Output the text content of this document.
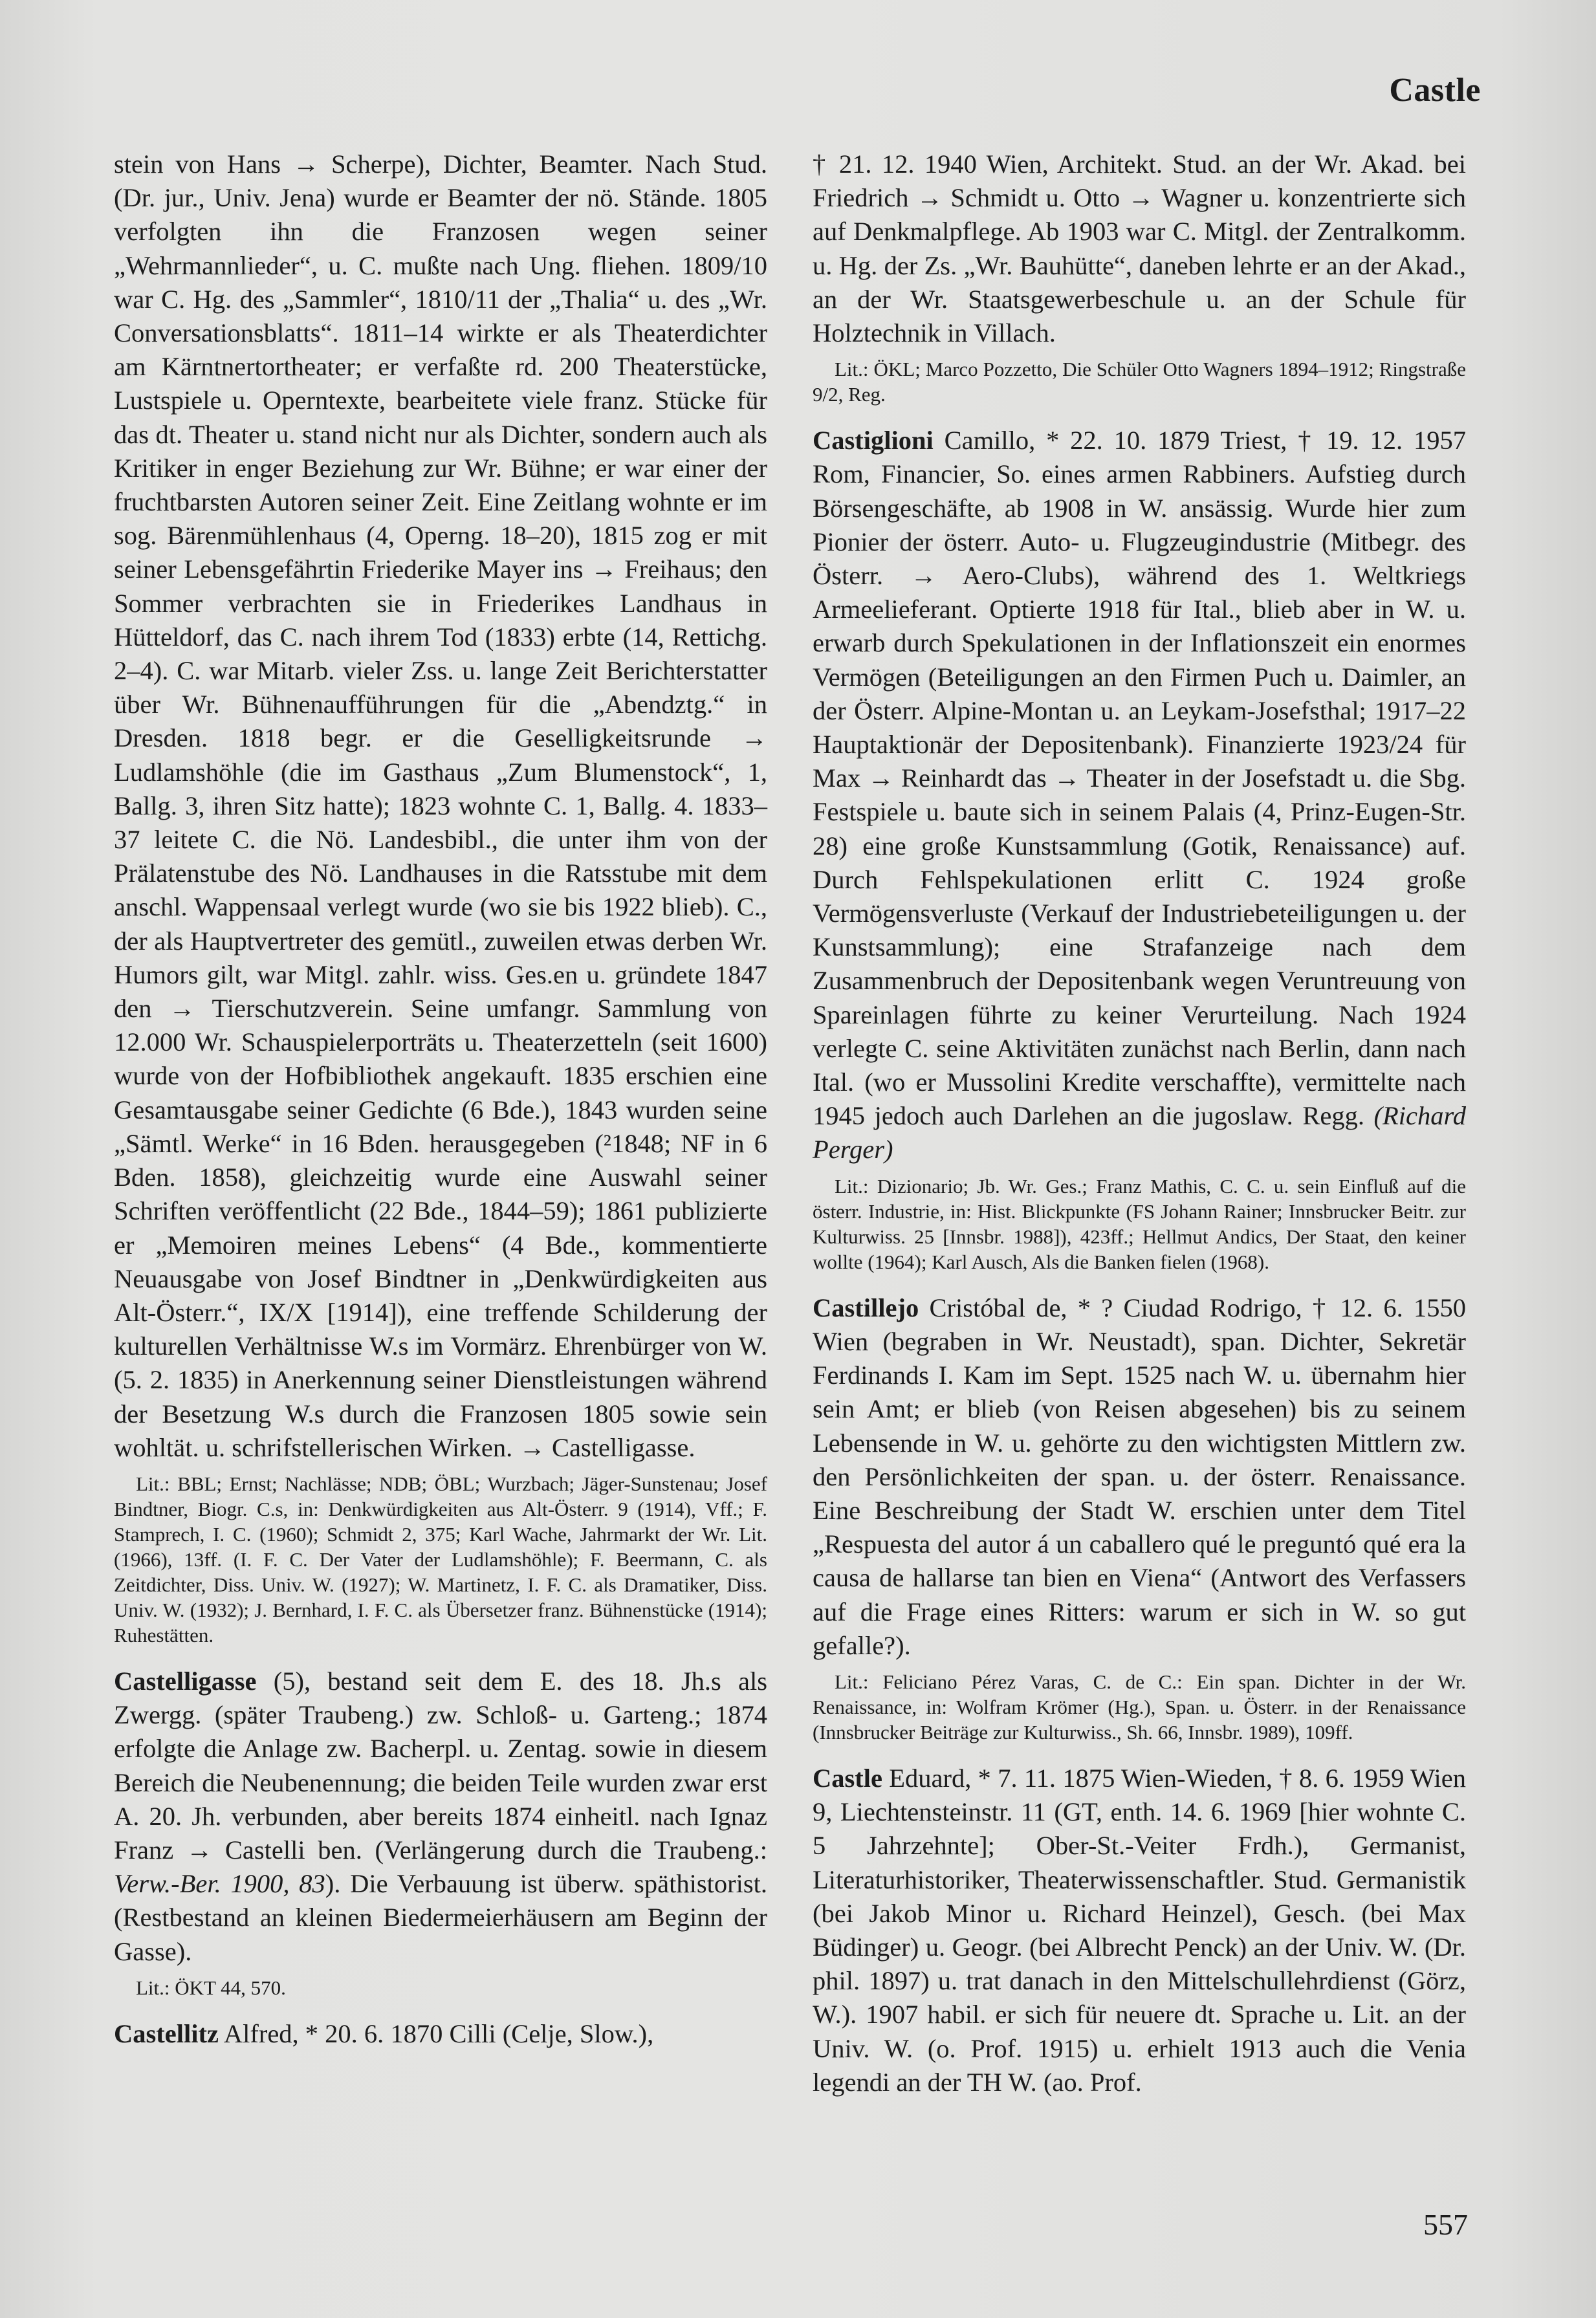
Castle

stein von Hans → Scherpe), Dichter, Beamter. Nach Stud. (Dr. jur., Univ. Jena) wurde er Beamter der nö. Stände. 1805 verfolgten ihn die Franzosen wegen seiner „Wehrmannlieder“, u. C. mußte nach Ung. fliehen. 1809/10 war C. Hg. des „Sammler“, 1810/11 der „Thalia“ u. des „Wr. Conversationsblatts“. 1811–14 wirkte er als Theaterdichter am Kärntnertortheater; er verfaßte rd. 200 Theaterstücke, Lustspiele u. Operntexte, bearbeitete viele franz. Stücke für das dt. Theater u. stand nicht nur als Dichter, sondern auch als Kritiker in enger Beziehung zur Wr. Bühne; er war einer der fruchtbarsten Autoren seiner Zeit. Eine Zeitlang wohnte er im sog. Bärenmühlenhaus (4, Operng. 18–20), 1815 zog er mit seiner Lebensgefährtin Friederike Mayer ins → Freihaus; den Sommer verbrachten sie in Friederikes Landhaus in Hütteldorf, das C. nach ihrem Tod (1833) erbte (14, Rettichg. 2–4). C. war Mitarb. vieler Zss. u. lange Zeit Berichterstatter über Wr. Bühnenaufführungen für die „Abendztg.“ in Dresden. 1818 begr. er die Geselligkeitsrunde → Ludlamshöhle (die im Gasthaus „Zum Blumenstock“, 1, Ballg. 3, ihren Sitz hatte); 1823 wohnte C. 1, Ballg. 4. 1833–37 leitete C. die Nö. Landesbibl., die unter ihm von der Prälatenstube des Nö. Landhauses in die Ratsstube mit dem anschl. Wappensaal verlegt wurde (wo sie bis 1922 blieb). C., der als Hauptvertreter des gemütl., zuweilen etwas derben Wr. Humors gilt, war Mitgl. zahlr. wiss. Ges.en u. gründete 1847 den → Tierschutzverein. Seine umfangr. Sammlung von 12.000 Wr. Schauspielerporträts u. Theaterzetteln (seit 1600) wurde von der Hofbibliothek angekauft. 1835 erschien eine Gesamtausgabe seiner Gedichte (6 Bde.), 1843 wurden seine „Sämtl. Werke“ in 16 Bden. herausgegeben (²1848; NF in 6 Bden. 1858), gleichzeitig wurde eine Auswahl seiner Schriften veröffentlicht (22 Bde., 1844–59); 1861 publizierte er „Memoiren meines Lebens“ (4 Bde., kommentierte Neuausgabe von Josef Bindtner in „Denkwürdigkeiten aus Alt-Österr.“, IX/X [1914]), eine treffende Schilderung der kulturellen Verhältnisse W.s im Vormärz. Ehrenbürger von W. (5. 2. 1835) in Anerkennung seiner Dienstleistungen während der Besetzung W.s durch die Franzosen 1805 sowie sein wohltät. u. schrifstellerischen Wirken. → Castelligasse.

Lit.: BBL; Ernst; Nachlässe; NDB; ÖBL; Wurzbach; Jäger-Sunstenau; Josef Bindtner, Biogr. C.s, in: Denkwürdigkeiten aus Alt-Österr. 9 (1914), Vff.; F. Stamprech, I. C. (1960); Schmidt 2, 375; Karl Wache, Jahrmarkt der Wr. Lit. (1966), 13ff. (I. F. C. Der Vater der Ludlamshöhle); F. Beermann, C. als Zeitdichter, Diss. Univ. W. (1927); W. Martinetz, I. F. C. als Dramatiker, Diss. Univ. W. (1932); J. Bernhard, I. F. C. als Übersetzer franz. Bühnenstücke (1914); Ruhestätten.

Castelligasse (5), bestand seit dem E. des 18. Jh.s als Zwergg. (später Traubeng.) zw. Schloß- u. Garteng.; 1874 erfolgte die Anlage zw. Bacherpl. u. Zentag. sowie in diesem Bereich die Neubenennung; die beiden Teile wurden zwar erst A. 20. Jh. verbunden, aber bereits 1874 einheitl. nach Ignaz Franz → Castelli ben. (Verlängerung durch die Traubeng.: Verw.-Ber. 1900, 83). Die Verbauung ist überw. späthistorist. (Restbestand an kleinen Biedermeierhäusern am Beginn der Gasse).

Lit.: ÖKT 44, 570.

Castellitz Alfred, * 20. 6. 1870 Cilli (Celje, Slow.),

† 21. 12. 1940 Wien, Architekt. Stud. an der Wr. Akad. bei Friedrich → Schmidt u. Otto → Wagner u. konzentrierte sich auf Denkmalpflege. Ab 1903 war C. Mitgl. der Zentralkomm. u. Hg. der Zs. „Wr. Bauhütte“, daneben lehrte er an der Akad., an der Wr. Staatsgewerbeschule u. an der Schule für Holztechnik in Villach.

Lit.: ÖKL; Marco Pozzetto, Die Schüler Otto Wagners 1894–1912; Ringstraße 9/2, Reg.

Castiglioni Camillo, * 22. 10. 1879 Triest, † 19. 12. 1957 Rom, Financier, So. eines armen Rabbiners. Aufstieg durch Börsengeschäfte, ab 1908 in W. ansässig. Wurde hier zum Pionier der österr. Auto- u. Flugzeugindustrie (Mitbegr. des Österr. → Aero-Clubs), während des 1. Weltkriegs Armeelieferant. Optierte 1918 für Ital., blieb aber in W. u. erwarb durch Spekulationen in der Inflationszeit ein enormes Vermögen (Beteiligungen an den Firmen Puch u. Daimler, an der Österr. Alpine-Montan u. an Leykam-Josefsthal; 1917–22 Hauptaktionär der Depositenbank). Finanzierte 1923/24 für Max → Reinhardt das → Theater in der Josefstadt u. die Sbg. Festspiele u. baute sich in seinem Palais (4, Prinz-Eugen-Str. 28) eine große Kunstsammlung (Gotik, Renaissance) auf. Durch Fehlspekulationen erlitt C. 1924 große Vermögensverluste (Verkauf der Industriebeteiligungen u. der Kunstsammlung); eine Strafanzeige nach dem Zusammenbruch der Depositenbank wegen Veruntreuung von Spareinlagen führte zu keiner Verurteilung. Nach 1924 verlegte C. seine Aktivitäten zunächst nach Berlin, dann nach Ital. (wo er Mussolini Kredite verschaffte), vermittelte nach 1945 jedoch auch Darlehen an die jugoslaw. Regg. (Richard Perger)

Lit.: Dizionario; Jb. Wr. Ges.; Franz Mathis, C. C. u. sein Einfluß auf die österr. Industrie, in: Hist. Blickpunkte (FS Johann Rainer; Innsbrucker Beitr. zur Kulturwiss. 25 [Innsbr. 1988]), 423ff.; Hellmut Andics, Der Staat, den keiner wollte (1964); Karl Ausch, Als die Banken fielen (1968).

Castillejo Cristóbal de, * ? Ciudad Rodrigo, † 12. 6. 1550 Wien (begraben in Wr. Neustadt), span. Dichter, Sekretär Ferdinands I. Kam im Sept. 1525 nach W. u. übernahm hier sein Amt; er blieb (von Reisen abgesehen) bis zu seinem Lebensende in W. u. gehörte zu den wichtigsten Mittlern zw. den Persönlichkeiten der span. u. der österr. Renaissance. Eine Beschreibung der Stadt W. erschien unter dem Titel „Respuesta del autor á un caballero qué le preguntó qué era la causa de hallarse tan bien en Viena“ (Antwort des Verfassers auf die Frage eines Ritters: warum er sich in W. so gut gefalle?).

Lit.: Feliciano Pérez Varas, C. de C.: Ein span. Dichter in der Wr. Renaissance, in: Wolfram Krömer (Hg.), Span. u. Österr. in der Renaissance (Innsbrucker Beiträge zur Kulturwiss., Sh. 66, Innsbr. 1989), 109ff.

Castle Eduard, * 7. 11. 1875 Wien-Wieden, † 8. 6. 1959 Wien 9, Liechtensteinstr. 11 (GT, enth. 14. 6. 1969 [hier wohnte C. 5 Jahrzehnte]; Ober-St.-Veiter Frdh.), Germanist, Literaturhistoriker, Theaterwissenschaftler. Stud. Germanistik (bei Jakob Minor u. Richard Heinzel), Gesch. (bei Max Büdinger) u. Geogr. (bei Albrecht Penck) an der Univ. W. (Dr. phil. 1897) u. trat danach in den Mittelschullehrdienst (Görz, W.). 1907 habil. er sich für neuere dt. Sprache u. Lit. an der Univ. W. (o. Prof. 1915) u. erhielt 1913 auch die Venia legendi an der TH W. (ao. Prof.

557
